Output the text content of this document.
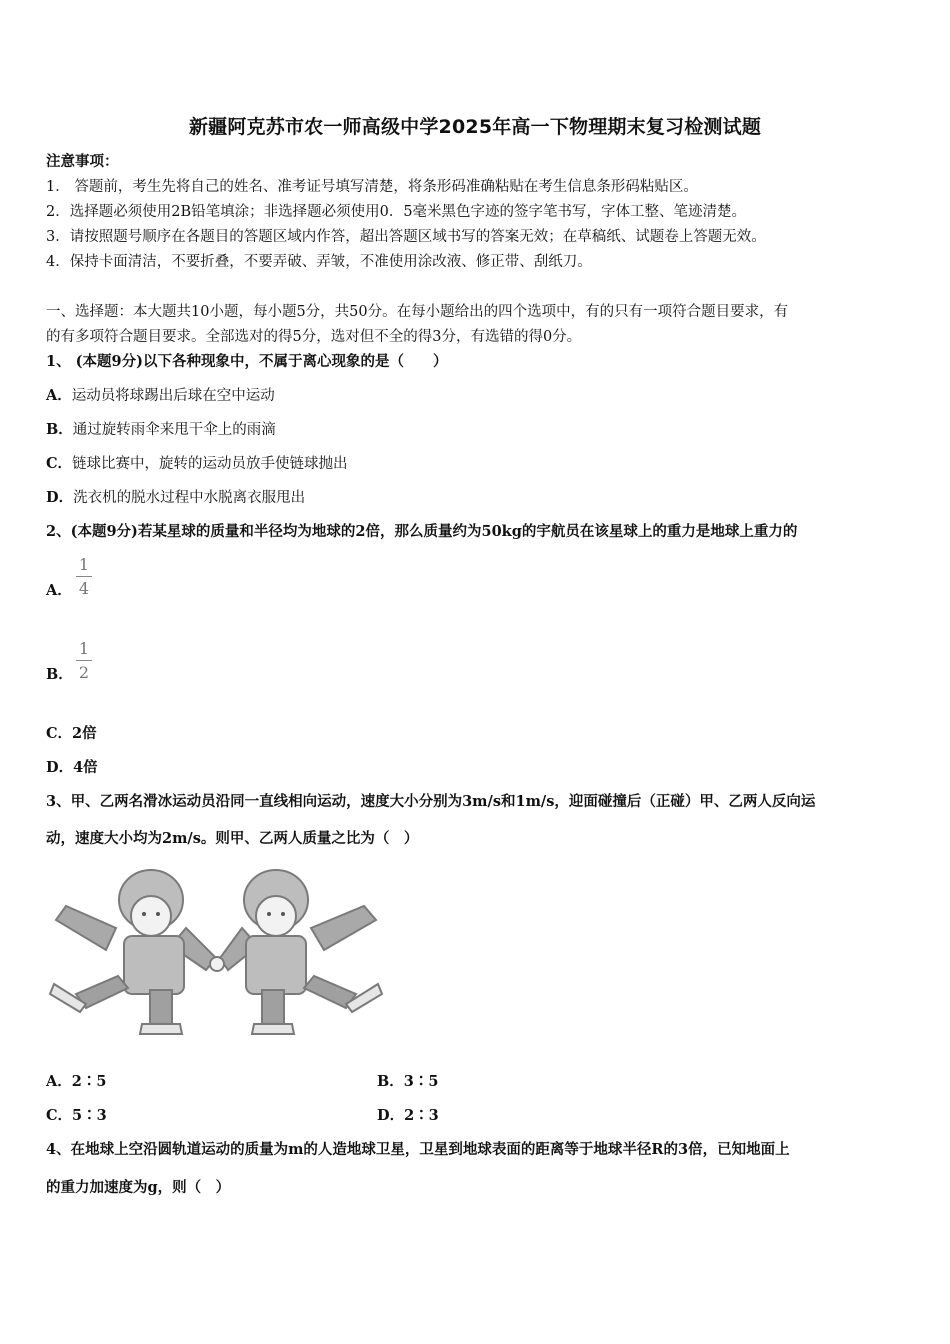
新疆阿克苏市农一师高级中学2025年高一下物理期末复习检测试题
注意事项：
1． 答题前，考生先将自己的姓名、准考证号填写清楚，将条形码准确粘贴在考生信息条形码粘贴区。
2．选择题必须使用2B铅笔填涂；非选择题必须使用0．5毫米黑色字迹的签字笔书写，字体工整、笔迹清楚。
3．请按照题号顺序在各题目的答题区域内作答，超出答题区域书写的答案无效；在草稿纸、试题卷上答题无效。
4．保持卡面清洁，不要折叠，不要弄破、弄皱，不准使用涂改液、修正带、刮纸刀。
一、选择题：本大题共10小题，每小题5分，共50分。在每小题给出的四个选项中，有的只有一项符合题目要求，有
的有多项符合题目要求。全部选对的得5分，选对但不全的得3分，有选错的得0分。
1、 (本题9分)以下各种现象中，不属于离心现象的是（　　）
A．运动员将球踢出后球在空中运动
B．通过旋转雨伞来甩干伞上的雨滴
C．链球比赛中，旋转的运动员放手使链球抛出
D．洗衣机的脱水过程中水脱离衣服甩出
2、(本题9分)若某星球的质量和半径均为地球的2倍，那么质量约为50kg的宇航员在该星球上的重力是地球上重力的
A．
1
4
B．
1
2
C．2倍
D．4倍
3、甲、乙两名滑冰运动员沿同一直线相向运动，速度大小分别为3m/s和1m/s，迎面碰撞后（正碰）甲、乙两人反向运
动，速度大小均为2m/s。则甲、乙两人质量之比为（　）
A．2∶5	B．3∶5
C．5∶3	D．2∶3
4、在地球上空沿圆轨道运动的质量为m的人造地球卫星，卫星到地球表面的距离等于地球半径R的3倍，已知地面上
的重力加速度为g，则（　）
